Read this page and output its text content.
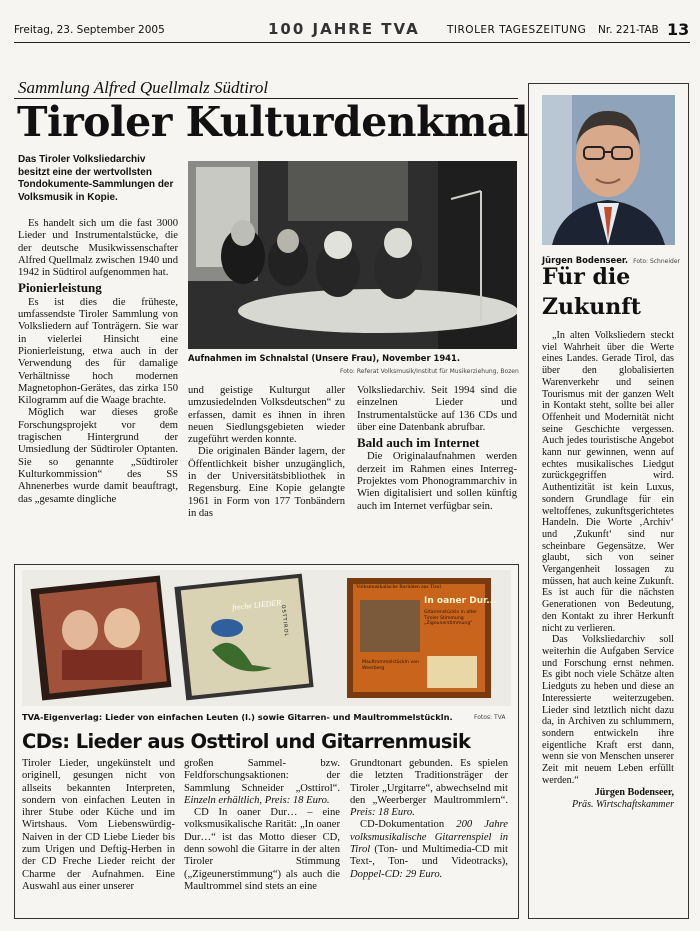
Freitag, 23. September 2005	100 JAHRE TVA	TIROLER TAGESZEITUNG Nr. 221-TAB 13
Sammlung Alfred Quellmalz Südtirol
Tiroler Kulturdenkmal
Das Tiroler Volksliedarchiv besitzt eine der wertvollsten Tondokumente-Sammlungen der Volksmusik in Kopie.

Es handelt sich um die fast 3000 Lieder und Instrumentalstücke, die der deutsche Musikwissenschafter Alfred Quellmalz zwischen 1940 und 1942 in Südtirol aufgenommen hat.

Pionierleistung

Es ist dies die früheste, umfassendste Tiroler Sammlung von Volksliedern auf Tonträgern. Sie war in vielerlei Hinsicht eine Pionierleistung, etwa auch in der Verwendung des für damalige Verhältnisse hoch modernen Magnetophon-Gerätes, das zirka 150 Kilogramm auf die Waage brachte.

Möglich war dieses große Forschungsprojekt vor dem tragischen Hintergrund der Umsiedlung der Südtiroler Optanten. Sie so genannte „Südtiroler Kulturkommission“ des SS Ahnenerbes wurde damit beauftragt, das „gesamte dingliche

Aufnahmen im Schnalstal (Unsere Frau), November 1941.
Foto: Referat Volksmusik/Institut für Musikerziehung, Bozen

und geistige Kulturgut aller umzusiedelnden Volksdeutschen“ zu erfassen, damit es ihnen in ihren neuen Siedlungsgebieten wieder zugeführt werden konnte.

Die originalen Bänder lagern, der Öffentlichkeit bisher unzugänglich, in der Universitätsbibliothek in Regensburg. Eine Kopie gelangte 1961 in Form von 177 Tonbändern in das

Volksliedarchiv. Seit 1994 sind die einzelnen Lieder und Instrumentalstücke auf 136 CDs und über eine Datenbank abrufbar.

Bald auch im Internet

Die Originalaufnahmen werden derzeit im Rahmen eines Interreg-Projektes vom Phonogrammarchiv in Wien digitalisiert und sollen künftig auch im Internet verfügbar sein.

freche LIEDER
OSTTIROL
Volksmusikalische Raritäten aus Tirol
In oaner Dur...
Gitarrenstückln in alter Tiroler Stimmung „Zigeunerstimmung“
Maultrommelstückln von Weerberg
TVA-Eigenverlag: Lieder von einfachen Leuten (l.) sowie Gitarren- und Maultrommelstückln.	Fotos: TVA
CDs: Lieder aus Osttirol und Gitarrenmusik

Tiroler Lieder, ungekünstelt und originell, gesungen nicht von allseits bekannten Interpreten, sondern von einfachen Leuten in ihrer Stube oder Küche und im Wirtshaus. Vom Liebenswürdig-Naiven in der CD Liebe Lieder bis zum Urigen und Deftig-Herben in der CD Freche Lieder reicht der Charme der Aufnahmen. Eine Auswahl aus einer unserer

großen Sammel- bzw. Feldforschungsaktionen: der Sammlung Schneider „Osttirol“. Einzeln erhältlich, Preis: 18 Euro.

CD In oaner Dur… – eine volksmusikalische Rarität: „In oaner Dur…“ ist das Motto dieser CD, denn sowohl die Gitarre in der alten Tiroler Stimmung („Zigeunerstimmung“) als auch die Maultrommel sind stets an eine

Grundtonart gebunden. Es spielen die letzten Traditionsträger der Tiroler „Urgitarre“, abwechselnd mit den „Weerberger Maultrommlern“. Preis: 18 Euro.

CD-Dokumentation 200 Jahre volksmusikalische Gitarrenspiel in Tirol (Ton- und Multimedia-CD mit Text-, Ton- und Videotracks), Doppel-CD: 29 Euro.

Jürgen Bodenseer. Foto: Schneider
Für die Zukunft

„In alten Volksliedern steckt viel Wahrheit über die Werte eines Landes. Gerade Tirol, das über den globalisierten Warenverkehr und seinen Tourismus mit der ganzen Welt in Kontakt steht, sollte bei aller Offenheit und Modernität nicht seine Geschichte vergessen. Auch jedes touristische Angebot kann nur gewinnen, wenn auf echtes musikalisches Liedgut zurückgegriffen wird. Authentizität ist kein Luxus, sondern Grundlage für ein weltoffenes, zukunftsgerichtetes Handeln. Die Worte ‚Archiv‘ und ‚Zukunft‘ sind nur scheinbare Gegensätze. Wer glaubt, sich von seiner Vergangenheit lossagen zu müssen, hat auch keine Zukunft. Es ist auch für die nächsten Generationen von Bedeutung, den Kontakt zu ihrer Herkunft nicht zu verlieren.

Das Volksliedarchiv soll weiterhin die Aufgaben Service und Forschung ernst nehmen. Es gibt noch viele Schätze alten Liedguts zu heben und diese an Interessierte weiterzugeben. Lieder sind letztlich nicht dazu da, in Archiven zu schlummern, sondern entwickeln ihre eigentliche Kraft erst dann, wenn sie von Menschen unserer Zeit mit neuem Leben erfüllt werden.“

Jürgen Bodenseer,
Präs. Wirtschaftskammer
